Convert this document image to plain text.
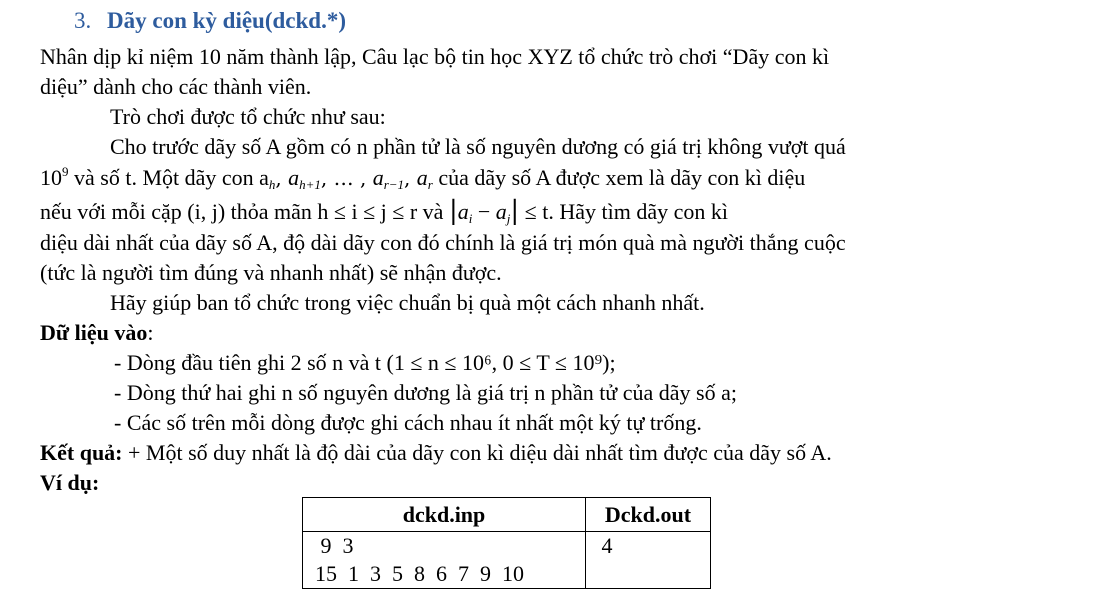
3. Dãy con kỳ diệu(dckd.*)
Nhân dịp kỉ niệm 10 năm thành lập, Câu lạc bộ tin học XYZ tổ chức trò chơi “Dãy con kì
diệu” dành cho các thành viên.
Trò chơi được tổ chức như sau:
Cho trước dãy số A gồm có n phần tử là số nguyên dương có giá trị không vượt quá
$10^9$ và số t. Một dãy con $a_h$, $a_{h+1}$, … , $a_{r-1}$, $a_r$ của dãy số A được xem là dãy con kì diệu
nếu với mỗi cặp (i, j) thỏa mãn h ≤ i ≤ j ≤ r và $|a_i - a_j| \le t$. Hãy tìm dãy con kì
diệu dài nhất của dãy số A, độ dài dãy con đó chính là giá trị món quà mà người thắng cuộc
(tức là người tìm đúng và nhanh nhất) sẽ nhận được.
Hãy giúp ban tổ chức trong việc chuẩn bị quà một cách nhanh nhất.
Dữ liệu vào:
- Dòng đầu tiên ghi 2 số n và t (1 ≤ n ≤ 10⁶, 0 ≤ T ≤ 10⁹);
- Dòng thứ hai ghi n số nguyên dương là giá trị n phần tử của dãy số a;
- Các số trên mỗi dòng được ghi cách nhau ít nhất một ký tự trống.
Kết quả: + Một số duy nhất là độ dài của dãy con kì diệu dài nhất tìm được của dãy số A.
Ví dụ:
dckd.inp	Dckd.out

9  3
15  1  3  5  8  6  7  9  10	4
